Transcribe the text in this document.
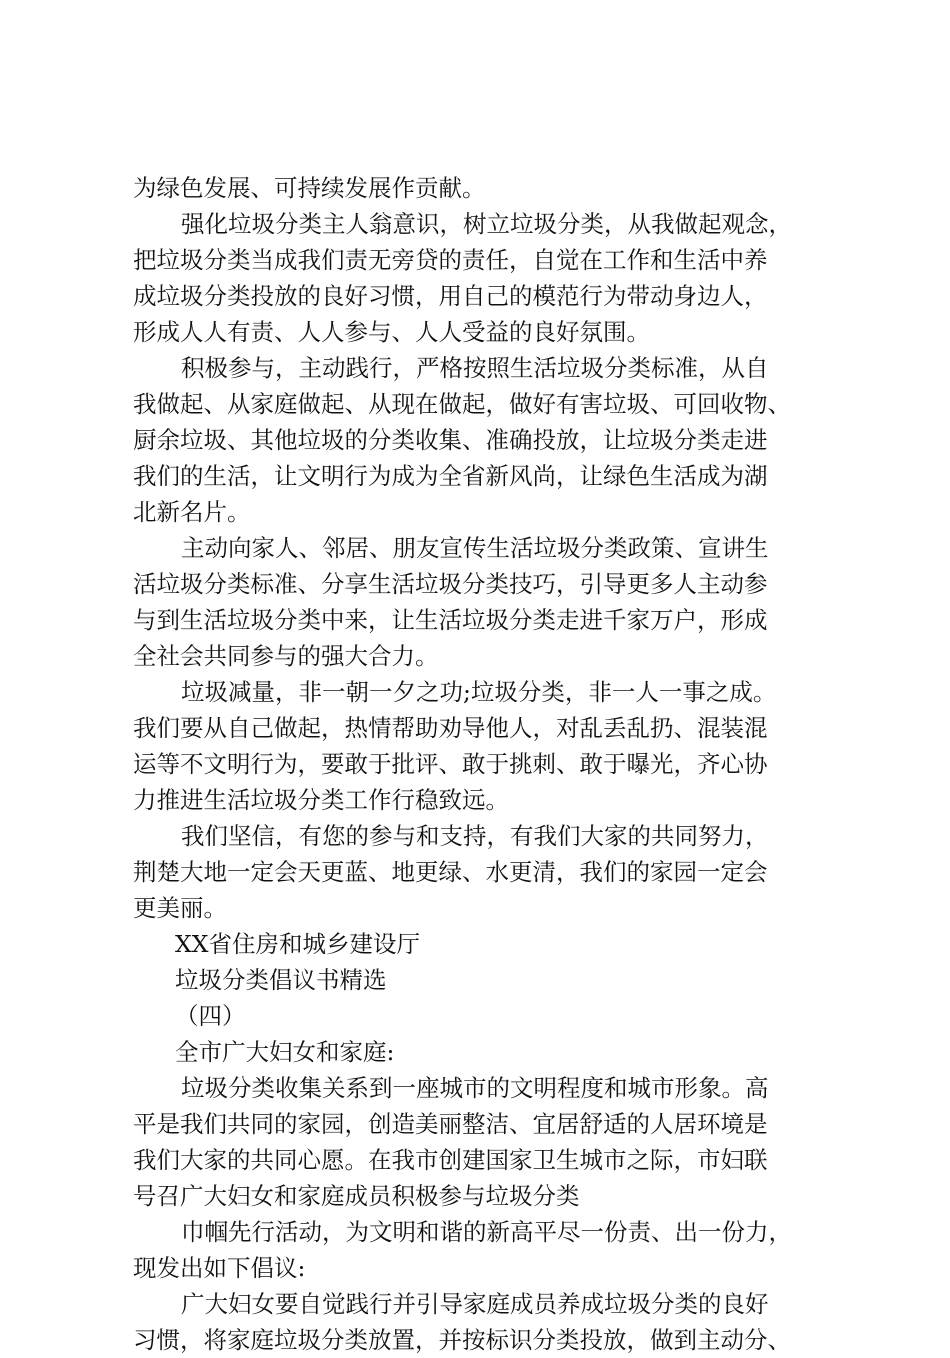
为绿色发展、可持续发展作贡献。
强化垃圾分类主人翁意识，树立垃圾分类，从我做起观念，
把垃圾分类当成我们责无旁贷的责任，自觉在工作和生活中养
成垃圾分类投放的良好习惯，用自己的模范行为带动身边人，
形成人人有责、人人参与、人人受益的良好氛围。
积极参与，主动践行，严格按照生活垃圾分类标准，从自
我做起、从家庭做起、从现在做起，做好有害垃圾、可回收物、
厨余垃圾、其他垃圾的分类收集、准确投放，让垃圾分类走进
我们的生活，让文明行为成为全省新风尚，让绿色生活成为湖
北新名片。
主动向家人、邻居、朋友宣传生活垃圾分类政策、宣讲生
活垃圾分类标准、分享生活垃圾分类技巧，引导更多人主动参
与到生活垃圾分类中来，让生活垃圾分类走进千家万户，形成
全社会共同参与的强大合力。
垃圾减量，非一朝一夕之功;垃圾分类，非一人一事之成。
我们要从自己做起，热情帮助劝导他人，对乱丢乱扔、混装混
运等不文明行为，要敢于批评、敢于挑刺、敢于曝光，齐心协
力推进生活垃圾分类工作行稳致远。
我们坚信，有您的参与和支持，有我们大家的共同努力，
荆楚大地一定会天更蓝、地更绿、水更清，我们的家园一定会
更美丽。
XX省住房和城乡建设厅
垃圾分类倡议书精选
（四）
全市广大妇女和家庭:
垃圾分类收集关系到一座城市的文明程度和城市形象。高
平是我们共同的家园，创造美丽整洁、宜居舒适的人居环境是
我们大家的共同心愿。在我市创建国家卫生城市之际，市妇联
号召广大妇女和家庭成员积极参与垃圾分类
巾帼先行活动，为文明和谐的新高平尽一份责、出一份力，
现发出如下倡议:
广大妇女要自觉践行并引导家庭成员养成垃圾分类的良好
习惯，将家庭垃圾分类放置，并按标识分类投放，做到主动分、
